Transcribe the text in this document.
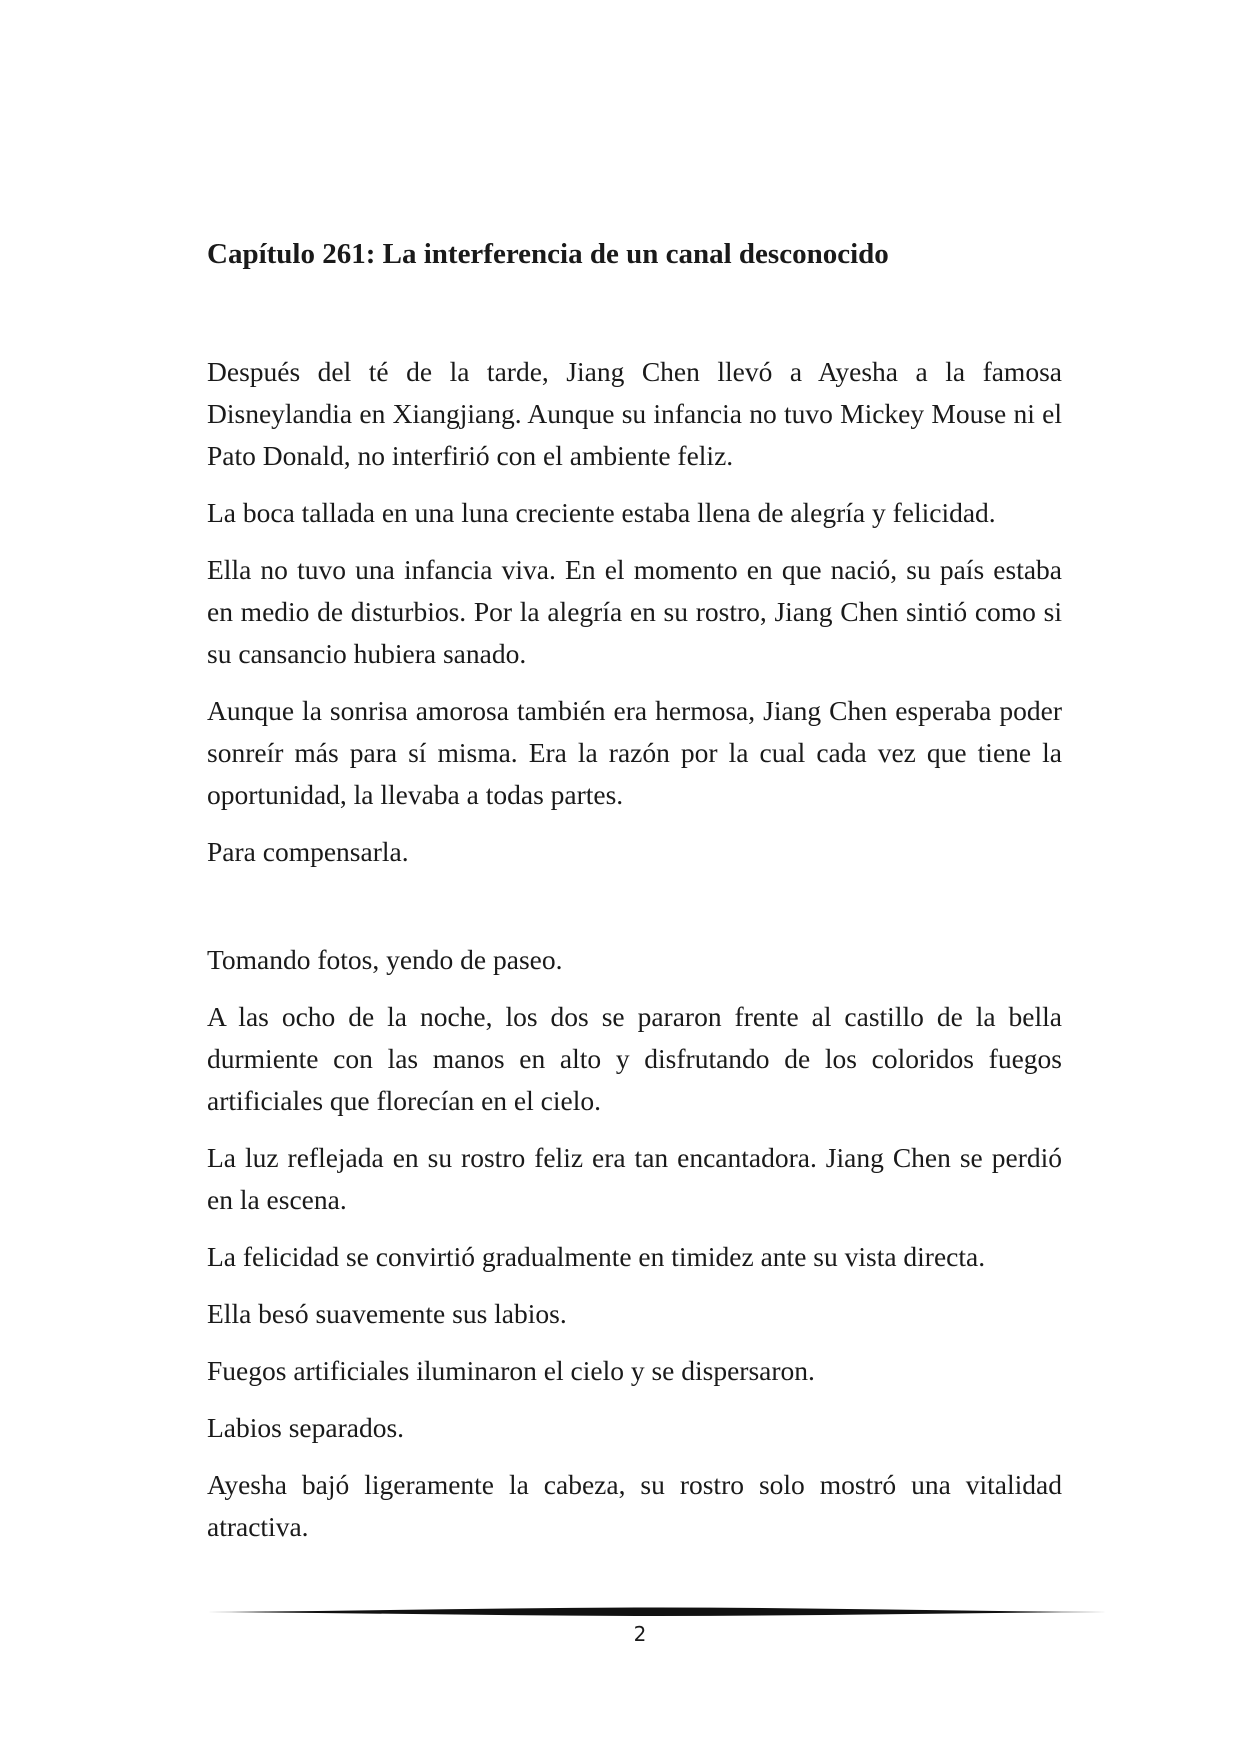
Capítulo 261: La interferencia de un canal desconocido

Después del té de la tarde, Jiang Chen llevó a Ayesha a la famosa Disneylandia en Xiangjiang. Aunque su infancia no tuvo Mickey Mouse ni el Pato Donald, no interfirió con el ambiente feliz.

La boca tallada en una luna creciente estaba llena de alegría y felicidad.

Ella no tuvo una infancia viva. En el momento en que nació, su país estaba en medio de disturbios. Por la alegría en su rostro, Jiang Chen sintió como si su cansancio hubiera sanado.

Aunque la sonrisa amorosa también era hermosa, Jiang Chen esperaba poder sonreír más para sí misma. Era la razón por la cual cada vez que tiene la oportunidad, la llevaba a todas partes.

Para compensarla.

Tomando fotos, yendo de paseo.

A las ocho de la noche, los dos se pararon frente al castillo de la bella durmiente con las manos en alto y disfrutando de los coloridos fuegos artificiales que florecían en el cielo.

La luz reflejada en su rostro feliz era tan encantadora. Jiang Chen se perdió en la escena.

La felicidad se convirtió gradualmente en timidez ante su vista directa.

Ella besó suavemente sus labios.

Fuegos artificiales iluminaron el cielo y se dispersaron.

Labios separados.

Ayesha bajó ligeramente la cabeza, su rostro solo mostró una vitalidad atractiva.

2
